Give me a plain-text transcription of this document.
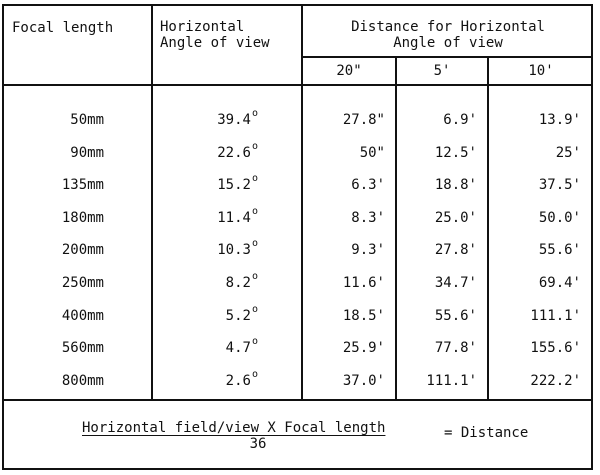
Focal length	Horizontal
Angle of view
Distance for Horizontal
Angle of view
20"	5'	10'
50mm	39.4$^o$	27.8"	6.9'	13.9'
90mm	22.6$^o$	50"	12.5'	25'
135mm	15.2$^o$	6.3'	18.8'	37.5'
180mm	11.4$^o$	8.3'	25.0'	50.0'
200mm	10.3$^o$	9.3'	27.8'	55.6'
250mm	8.2$^o$	11.6'	34.7'	69.4'
400mm	5.2$^o$	18.5'	55.6'	111.1'
560mm	4.7$^o$	25.9'	77.8'	155.6'
800mm	2.6$^o$	37.0'	111.1'	222.2'
Horizontal field/view X Focal length
36
= Distance
